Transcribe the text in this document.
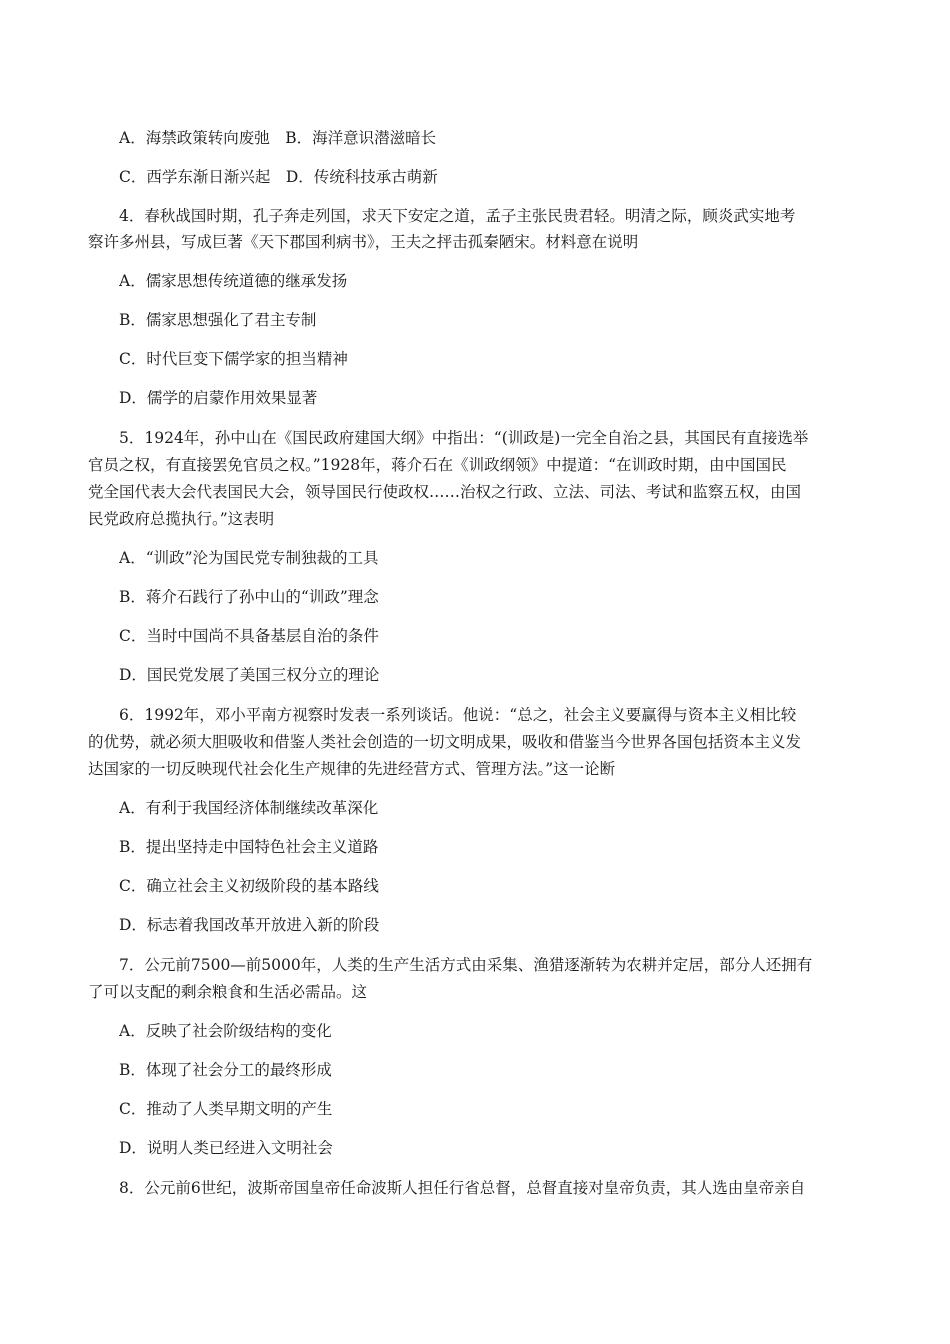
A．海禁政策转向废弛　B．海洋意识潜滋暗长
C．西学东渐日渐兴起　D．传统科技承古萌新
4．春秋战国时期，孔子奔走列国，求天下安定之道，孟子主张民贵君轻。明清之际，顾炎武实地考
察许多州县，写成巨著《天下郡国利病书》，王夫之抨击孤秦陋宋。材料意在说明
A．儒家思想传统道德的继承发扬
B．儒家思想强化了君主专制
C．时代巨变下儒学家的担当精神
D．儒学的启蒙作用效果显著
5．1924年，孙中山在《国民政府建国大纲》中指出：“(训政是)一完全自治之县，其国民有直接选举
官员之权，有直接罢免官员之权。”1928年，蒋介石在《训政纲领》中提道：“在训政时期，由中国国民
党全国代表大会代表国民大会，领导国民行使政权……治权之行政、立法、司法、考试和监察五权，由国
民党政府总揽执行。”这表明
A．“训政”沦为国民党专制独裁的工具
B．蒋介石践行了孙中山的“训政”理念
C．当时中国尚不具备基层自治的条件
D．国民党发展了美国三权分立的理论
6．1992年，邓小平南方视察时发表一系列谈话。他说：“总之，社会主义要赢得与资本主义相比较
的优势，就必须大胆吸收和借鉴人类社会创造的一切文明成果，吸收和借鉴当今世界各国包括资本主义发
达国家的一切反映现代社会化生产规律的先进经营方式、管理方法。”这一论断
A．有利于我国经济体制继续改革深化
B．提出坚持走中国特色社会主义道路
C．确立社会主义初级阶段的基本路线
D．标志着我国改革开放进入新的阶段
7．公元前7500—前5000年，人类的生产生活方式由采集、渔猎逐渐转为农耕并定居，部分人还拥有
了可以支配的剩余粮食和生活必需品。这
A．反映了社会阶级结构的变化
B．体现了社会分工的最终形成
C．推动了人类早期文明的产生
D．说明人类已经进入文明社会
8．公元前6世纪，波斯帝国皇帝任命波斯人担任行省总督，总督直接对皇帝负责，其人选由皇帝亲自
